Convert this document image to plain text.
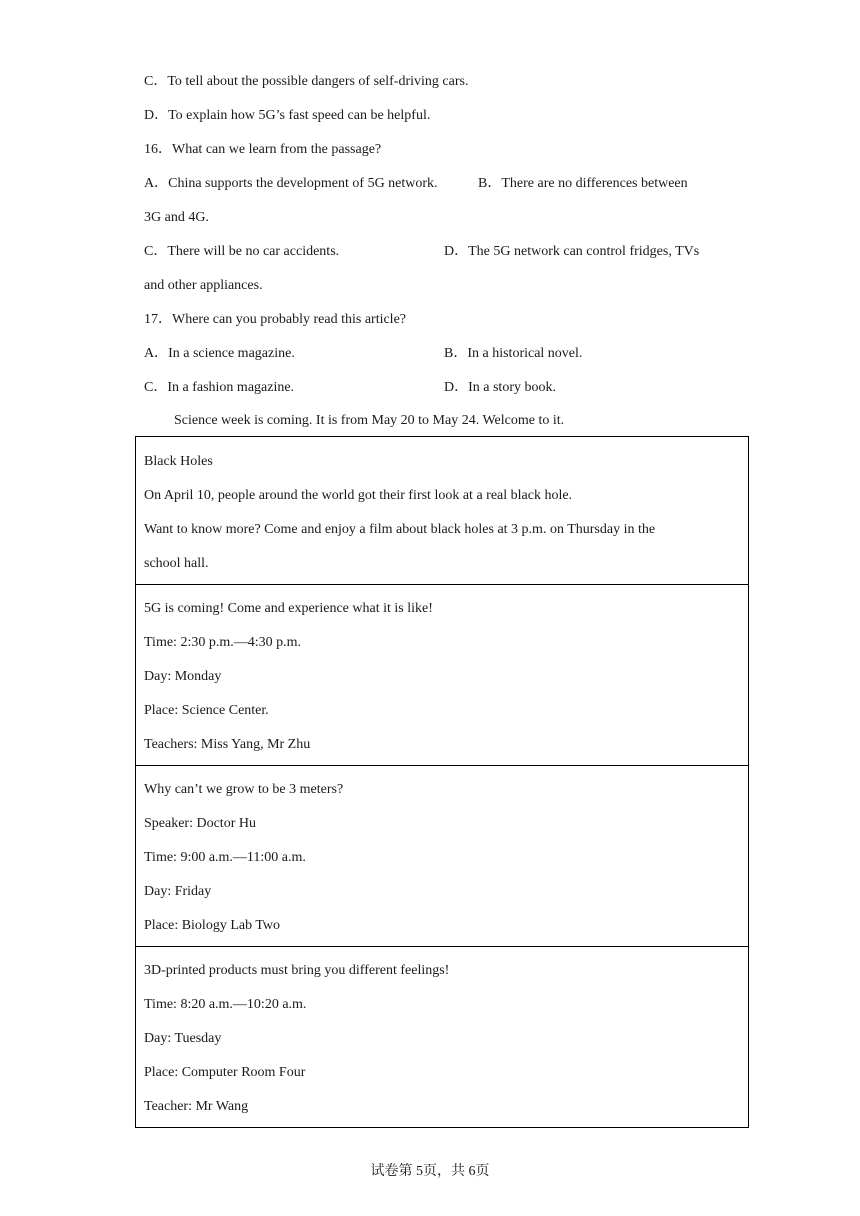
C．To tell about the possible dangers of self-driving cars.
D．To explain how 5G’s fast speed can be helpful.
16．What can we learn from the passage?
A．China supports the development of 5G network.	B．There are no differences between
3G and 4G.
C．There will be no car accidents.	D．The 5G network can control fridges, TVs
and other appliances.
17．Where can you probably read this article?
A．In a science magazine.	B．In a historical novel.
C．In a fashion magazine.	D．In a story book.
Science week is coming. It is from May 20 to May 24. Welcome to it.
Black Holes
On April 10, people around the world got their first look at a real black hole.
Want to know more? Come and enjoy a film about black holes at 3 p.m. on Thursday in the
school hall.
5G is coming! Come and experience what it is like!
Time: 2:30 p.m.—4:30 p.m.
Day: Monday
Place: Science Center.
Teachers: Miss Yang, Mr Zhu
Why can’t we grow to be 3 meters?
Speaker: Doctor Hu
Time: 9:00 a.m.—11:00 a.m.
Day: Friday
Place: Biology Lab Two
3D-printed products must bring you different feelings!
Time: 8:20 a.m.—10:20 a.m.
Day: Tuesday
Place: Computer Room Four
Teacher: Mr Wang
试卷第 5页，共 6页
